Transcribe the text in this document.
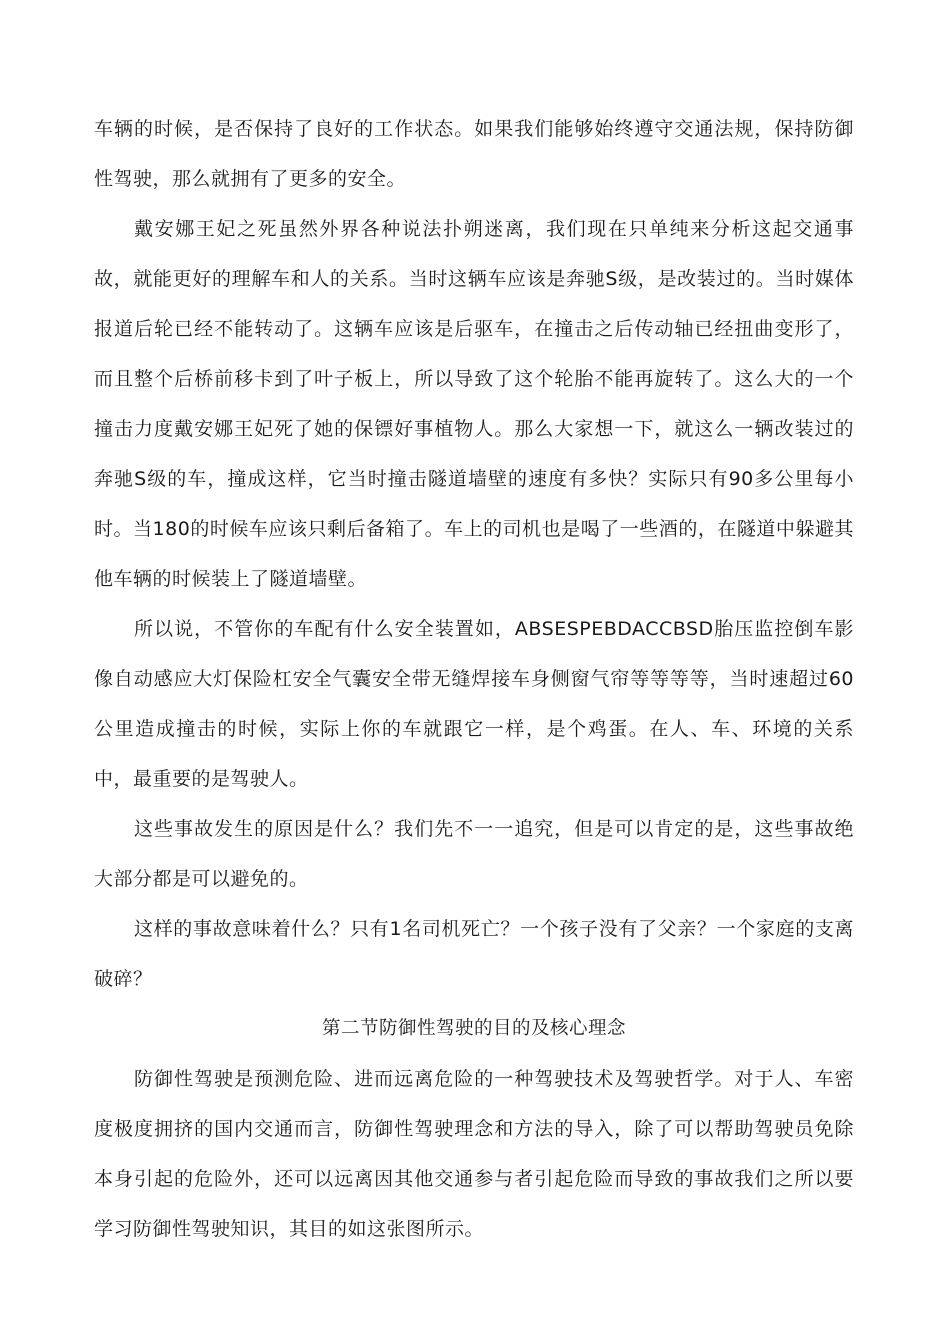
车辆的时候，是否保持了良好的工作状态。如果我们能够始终遵守交通法规，保持防御性驾驶，那么就拥有了更多的安全。

戴安娜王妃之死虽然外界各种说法扑朔迷离，我们现在只单纯来分析这起交通事故，就能更好的理解车和人的关系。当时这辆车应该是奔驰S级，是改装过的。当时媒体报道后轮已经不能转动了。这辆车应该是后驱车，在撞击之后传动轴已经扭曲变形了，而且整个后桥前移卡到了叶子板上，所以导致了这个轮胎不能再旋转了。这么大的一个撞击力度戴安娜王妃死了她的保镖好事植物人。那么大家想一下，就这么一辆改装过的奔驰S级的车，撞成这样，它当时撞击隧道墙壁的速度有多快？实际只有90多公里每小时。当180的时候车应该只剩后备箱了。车上的司机也是喝了一些酒的，在隧道中躲避其他车辆的时候装上了隧道墙壁。

所以说，不管你的车配有什么安全装置如，ABSESPEBDACCBSD胎压监控倒车影像自动感应大灯保险杠安全气囊安全带无缝焊接车身侧窗气帘等等等等，当时速超过60公里造成撞击的时候，实际上你的车就跟它一样，是个鸡蛋。在人、车、环境的关系中，最重要的是驾驶人。

这些事故发生的原因是什么？我们先不一一追究，但是可以肯定的是，这些事故绝大部分都是可以避免的。

这样的事故意味着什么？只有1名司机死亡？一个孩子没有了父亲？一个家庭的支离破碎？

第二节防御性驾驶的目的及核心理念

防御性驾驶是预测危险、进而远离危险的一种驾驶技术及驾驶哲学。对于人、车密度极度拥挤的国内交通而言，防御性驾驶理念和方法的导入，除了可以帮助驾驶员免除本身引起的危险外，还可以远离因其他交通参与者引起危险而导致的事故我们之所以要学习防御性驾驶知识，其目的如这张图所示。
